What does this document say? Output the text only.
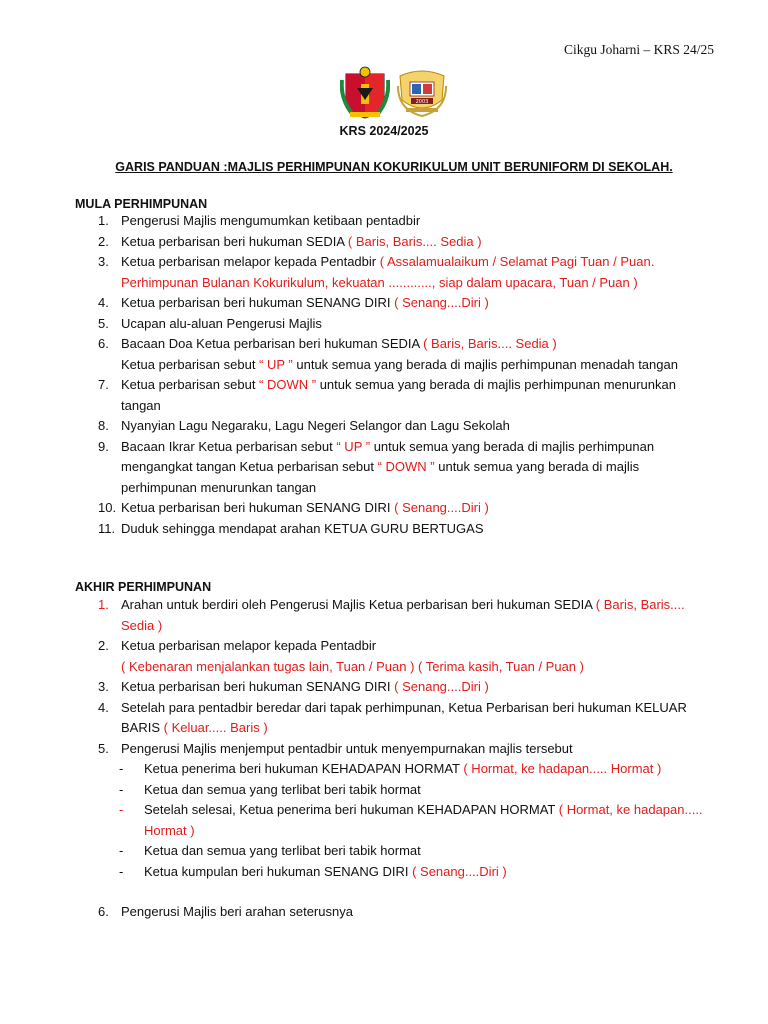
Cikgu Joharni – KRS 24/25
2003
KRS 2024/2025
GARIS PANDUAN :MAJLIS PERHIMPUNAN KOKURIKULUM UNIT BERUNIFORM DI SEKOLAH.
MULA PERHIMPUNAN
1. Pengerusi Majlis mengumumkan ketibaan pentadbir
2. Ketua perbarisan beri hukuman SEDIA ( Baris, Baris.... Sedia )
3. Ketua perbarisan melapor kepada Pentadbir ( Assalamualaikum / Selamat Pagi Tuan / Puan. Perhimpunan Bulanan Kokurikulum, kekuatan ............, siap dalam upacara, Tuan / Puan )
4. Ketua perbarisan beri hukuman SENANG DIRI ( Senang....Diri )
5. Ucapan alu-aluan Pengerusi Majlis
6. Bacaan Doa Ketua perbarisan beri hukuman SEDIA ( Baris, Baris.... Sedia )
Ketua perbarisan sebut “ UP ” untuk semua yang berada di majlis perhimpunan menadah tangan
7. Ketua perbarisan sebut “ DOWN ” untuk semua yang berada di majlis perhimpunan menurunkan tangan
8. Nyanyian Lagu Negaraku, Lagu Negeri Selangor dan Lagu Sekolah
9. Bacaan Ikrar Ketua perbarisan sebut “ UP ” untuk semua yang berada di majlis perhimpunan mengangkat tangan Ketua perbarisan sebut “ DOWN ” untuk semua yang berada di majlis perhimpunan menurunkan tangan
10. Ketua perbarisan beri hukuman SENANG DIRI ( Senang....Diri )
11. Duduk sehingga mendapat arahan KETUA GURU BERTUGAS
AKHIR PERHIMPUNAN
1. Arahan untuk berdiri oleh Pengerusi Majlis Ketua perbarisan beri hukuman SEDIA ( Baris, Baris.... Sedia )
2. Ketua perbarisan melapor kepada Pentadbir
( Kebenaran menjalankan tugas lain, Tuan / Puan ) ( Terima kasih, Tuan / Puan )
3. Ketua perbarisan beri hukuman SENANG DIRI ( Senang....Diri )
4. Setelah para pentadbir beredar dari tapak perhimpunan, Ketua Perbarisan beri hukuman KELUAR BARIS ( Keluar..... Baris )
5. Pengerusi Majlis menjemput pentadbir untuk menyempurnakan majlis tersebut
- Ketua penerima beri hukuman KEHADAPAN HORMAT ( Hormat, ke hadapan..... Hormat )
- Ketua dan semua yang terlibat beri tabik hormat
- Setelah selesai, Ketua penerima beri hukuman KEHADAPAN HORMAT ( Hormat, ke hadapan..... Hormat )
- Ketua dan semua yang terlibat beri tabik hormat
- Ketua kumpulan beri hukuman SENANG DIRI ( Senang....Diri )
6. Pengerusi Majlis beri arahan seterusnya
